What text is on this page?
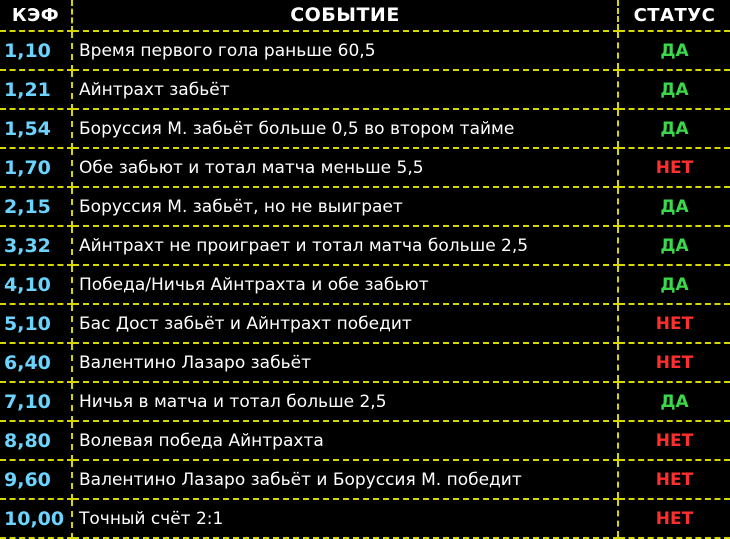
КЭФ	СОБЫТИЕ	СТАТУС
1,10	Время первого гола раньше 60,5	ДА
1,21	Айнтрахт забьёт	ДА
1,54	Боруссия М. забьёт больше 0,5 во втором тайме	ДА
1,70	Обе забьют и тотал матча меньше 5,5	НЕТ
2,15	Боруссия М. забьёт, но не выиграет	ДА
3,32	Айнтрахт не проиграет и тотал матча больше 2,5	ДА
4,10	Победа/Ничья Айнтрахта и обе забьют	ДА
5,10	Бас Дост забьёт и Айнтрахт победит	НЕТ
6,40	Валентино Лазаро забьёт	НЕТ
7,10	Ничья в матча и тотал больше 2,5	ДА
8,80	Волевая победа Айнтрахта	НЕТ
9,60	Валентино Лазаро забьёт и Боруссия М. победит	НЕТ
10,00	Точный счёт 2:1	НЕТ
